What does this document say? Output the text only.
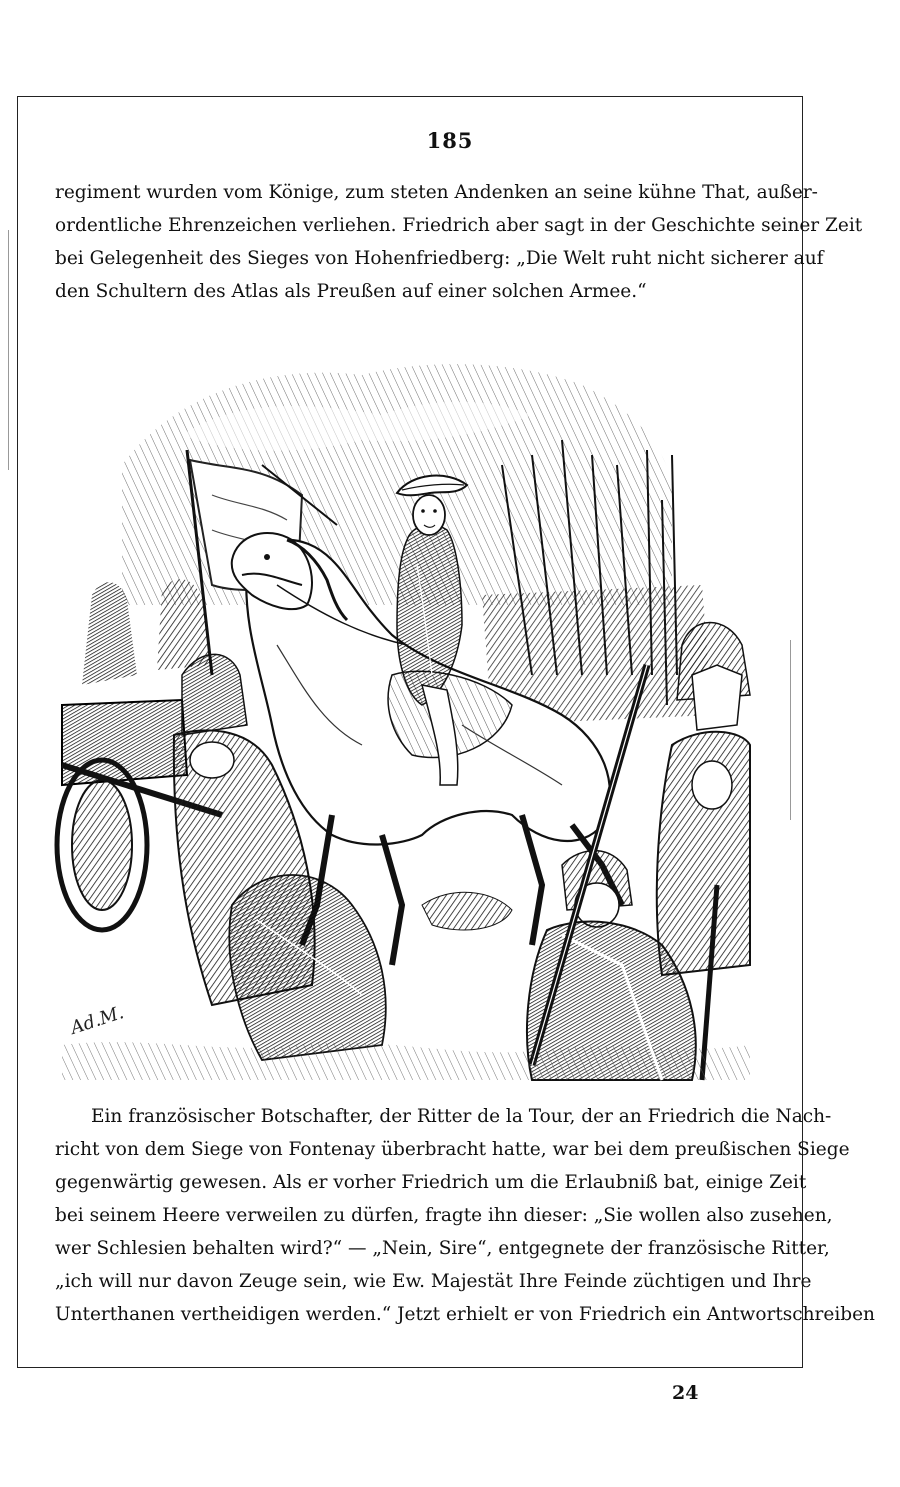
185
regiment wurden vom Könige, zum steten Andenken an seine kühne That, außer-
ordentliche Ehrenzeichen verliehen. Friedrich aber sagt in der Geschichte seiner Zeit
bei Gelegenheit des Sieges von Hohenfriedberg: „Die Welt ruht nicht sicherer auf
den Schultern des Atlas als Preußen auf einer solchen Armee.“
Ad.M.
Ein französischer Botschafter, der Ritter de la Tour, der an Friedrich die Nach-
richt von dem Siege von Fontenay überbracht hatte, war bei dem preußischen Siege
gegenwärtig gewesen. Als er vorher Friedrich um die Erlaubniß bat, einige Zeit
bei seinem Heere verweilen zu dürfen, fragte ihn dieser: „Sie wollen also zusehen,
wer Schlesien behalten wird?“ — „Nein, Sire“, entgegnete der französische Ritter,
„ich will nur davon Zeuge sein, wie Ew. Majestät Ihre Feinde züchtigen und Ihre
Unterthanen vertheidigen werden.“ Jetzt erhielt er von Friedrich ein Antwortschreiben
24
